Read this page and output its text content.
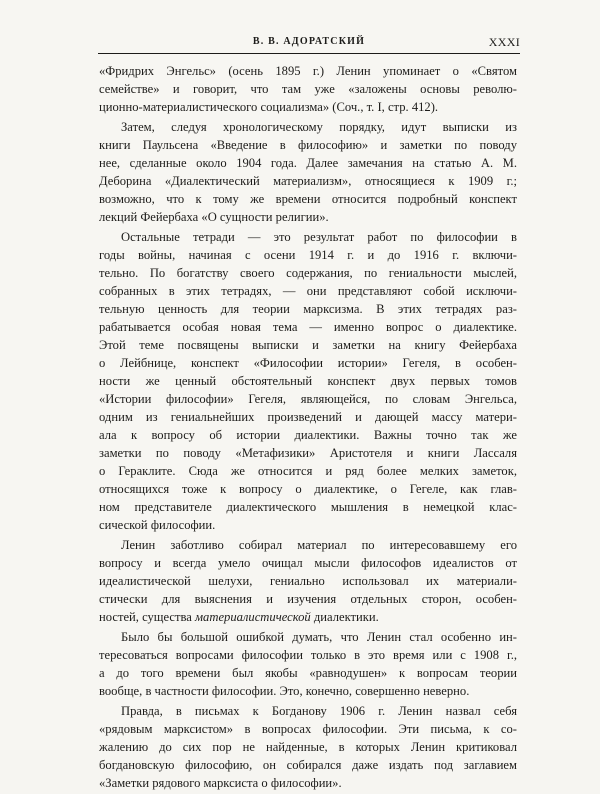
В. В. АДОРАТСКИЙ	XXXI
«Фридрих Энгельс» (осень 1895 г.) Ленин упоминает о «Святом
семействе» и говорит, что там уже «заложены основы револю-
ционно-материалистического социализма» (Соч., т. I, стр. 412).
Затем, следуя хронологическому порядку, идут выписки из
книги Паульсена «Введение в философию» и заметки по поводу
нее, сделанные около 1904 года. Далее замечания на статью А. М.
Деборина «Диалектический материализм», относящиеся к 1909 г.;
возможно, что к тому же времени относится подробный конспект
лекций Фейербаха «О сущности религии».
Остальные тетради — это результат работ по философии в
годы войны, начиная с осени 1914 г. и до 1916 г. включи-
тельно. По богатству своего содержания, по гениальности мыслей,
собранных в этих тетрадях, — они представляют собой исключи-
тельную ценность для теории марксизма. В этих тетрадях раз-
рабатывается особая новая тема — именно вопрос о диалектике.
Этой теме посвящены выписки и заметки на книгу Фейербаха
о Лейбнице, конспект «Философии истории» Гегеля, в особен-
ности же ценный обстоятельный конспект двух первых томов
«Истории философии» Гегеля, являющейся, по словам Энгельса,
одним из гениальнейших произведений и дающей массу матери-
ала к вопросу об истории диалектики. Важны точно так же
заметки по поводу «Метафизики» Аристотеля и книги Лассаля
о Гераклите. Сюда же относится и ряд более мелких заметок,
относящихся тоже к вопросу о диалектике, о Гегеле, как глав-
ном представителе диалектического мышления в немецкой клас-
сической философии.
Ленин заботливо собирал материал по интересовавшему его
вопросу и всегда умело очищал мысли философов идеалистов от
идеалистической шелухи, гениально использовал их материали-
стически для выяснения и изучения отдельных сторон, особен-
ностей, существа материалистической диалектики.
Было бы большой ошибкой думать, что Ленин стал особенно ин-
тересоваться вопросами философии только в это время или с 1908 г.,
а до того времени был якобы «равнодушен» к вопросам теории
вообще, в частности философии. Это, конечно, совершенно неверно.
Правда, в письмах к Богданову 1906 г. Ленин назвал себя
«рядовым марксистом» в вопросах философии. Эти письма, к со-
жалению до сих пор не найденные, в которых Ленин критиковал
богдановскую философию, он собирался даже издать под заглавием
«Заметки рядового марксиста о философии».
